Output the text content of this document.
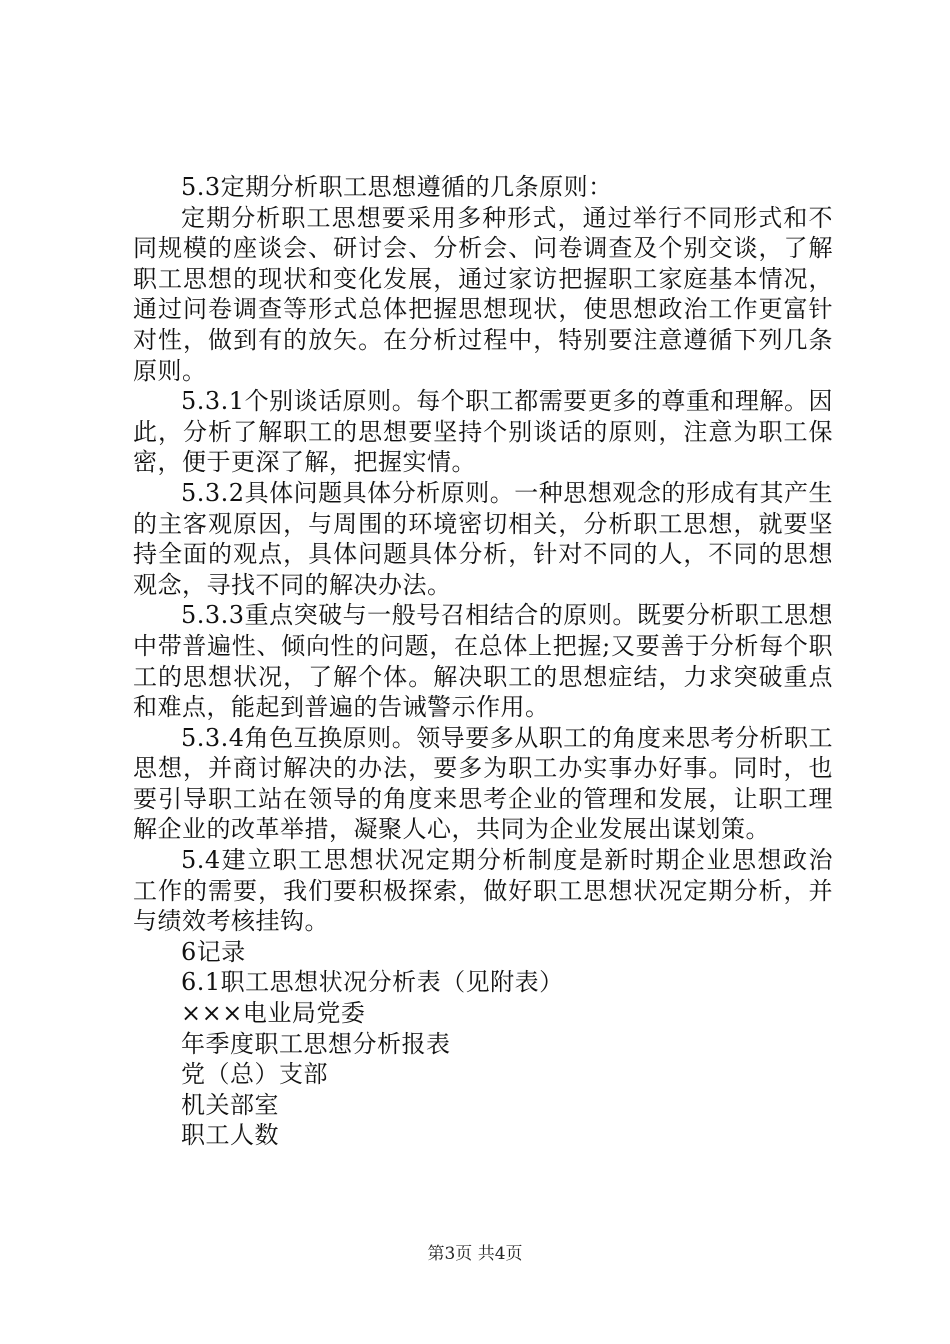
5.3定期分析职工思想遵循的几条原则：

定期分析职工思想要采用多种形式，通过举行不同形式和不同规模的座谈会、研讨会、分析会、问卷调查及个别交谈，了解职工思想的现状和变化发展，通过家访把握职工家庭基本情况，通过问卷调查等形式总体把握思想现状，使思想政治工作更富针对性，做到有的放矢。在分析过程中，特别要注意遵循下列几条原则。

5.3.1个别谈话原则。每个职工都需要更多的尊重和理解。因此，分析了解职工的思想要坚持个别谈话的原则，注意为职工保密，便于更深了解，把握实情。

5.3.2具体问题具体分析原则。一种思想观念的形成有其产生的主客观原因，与周围的环境密切相关，分析职工思想，就要坚持全面的观点，具体问题具体分析，针对不同的人，不同的思想观念，寻找不同的解决办法。

5.3.3重点突破与一般号召相结合的原则。既要分析职工思想中带普遍性、倾向性的问题，在总体上把握;又要善于分析每个职工的思想状况，了解个体。解决职工的思想症结，力求突破重点和难点，能起到普遍的告诫警示作用。

5.3.4角色互换原则。领导要多从职工的角度来思考分析职工思想，并商讨解决的办法，要多为职工办实事办好事。同时，也要引导职工站在领导的角度来思考企业的管理和发展，让职工理解企业的改革举措，凝聚人心，共同为企业发展出谋划策。

5.4建立职工思想状况定期分析制度是新时期企业思想政治工作的需要，我们要积极探索，做好职工思想状况定期分析，并与绩效考核挂钩。

6记录

6.1职工思想状况分析表（见附表）

×××电业局党委

年季度职工思想分析报表

党（总）支部

机关部室

职工人数

第3页 共4页
